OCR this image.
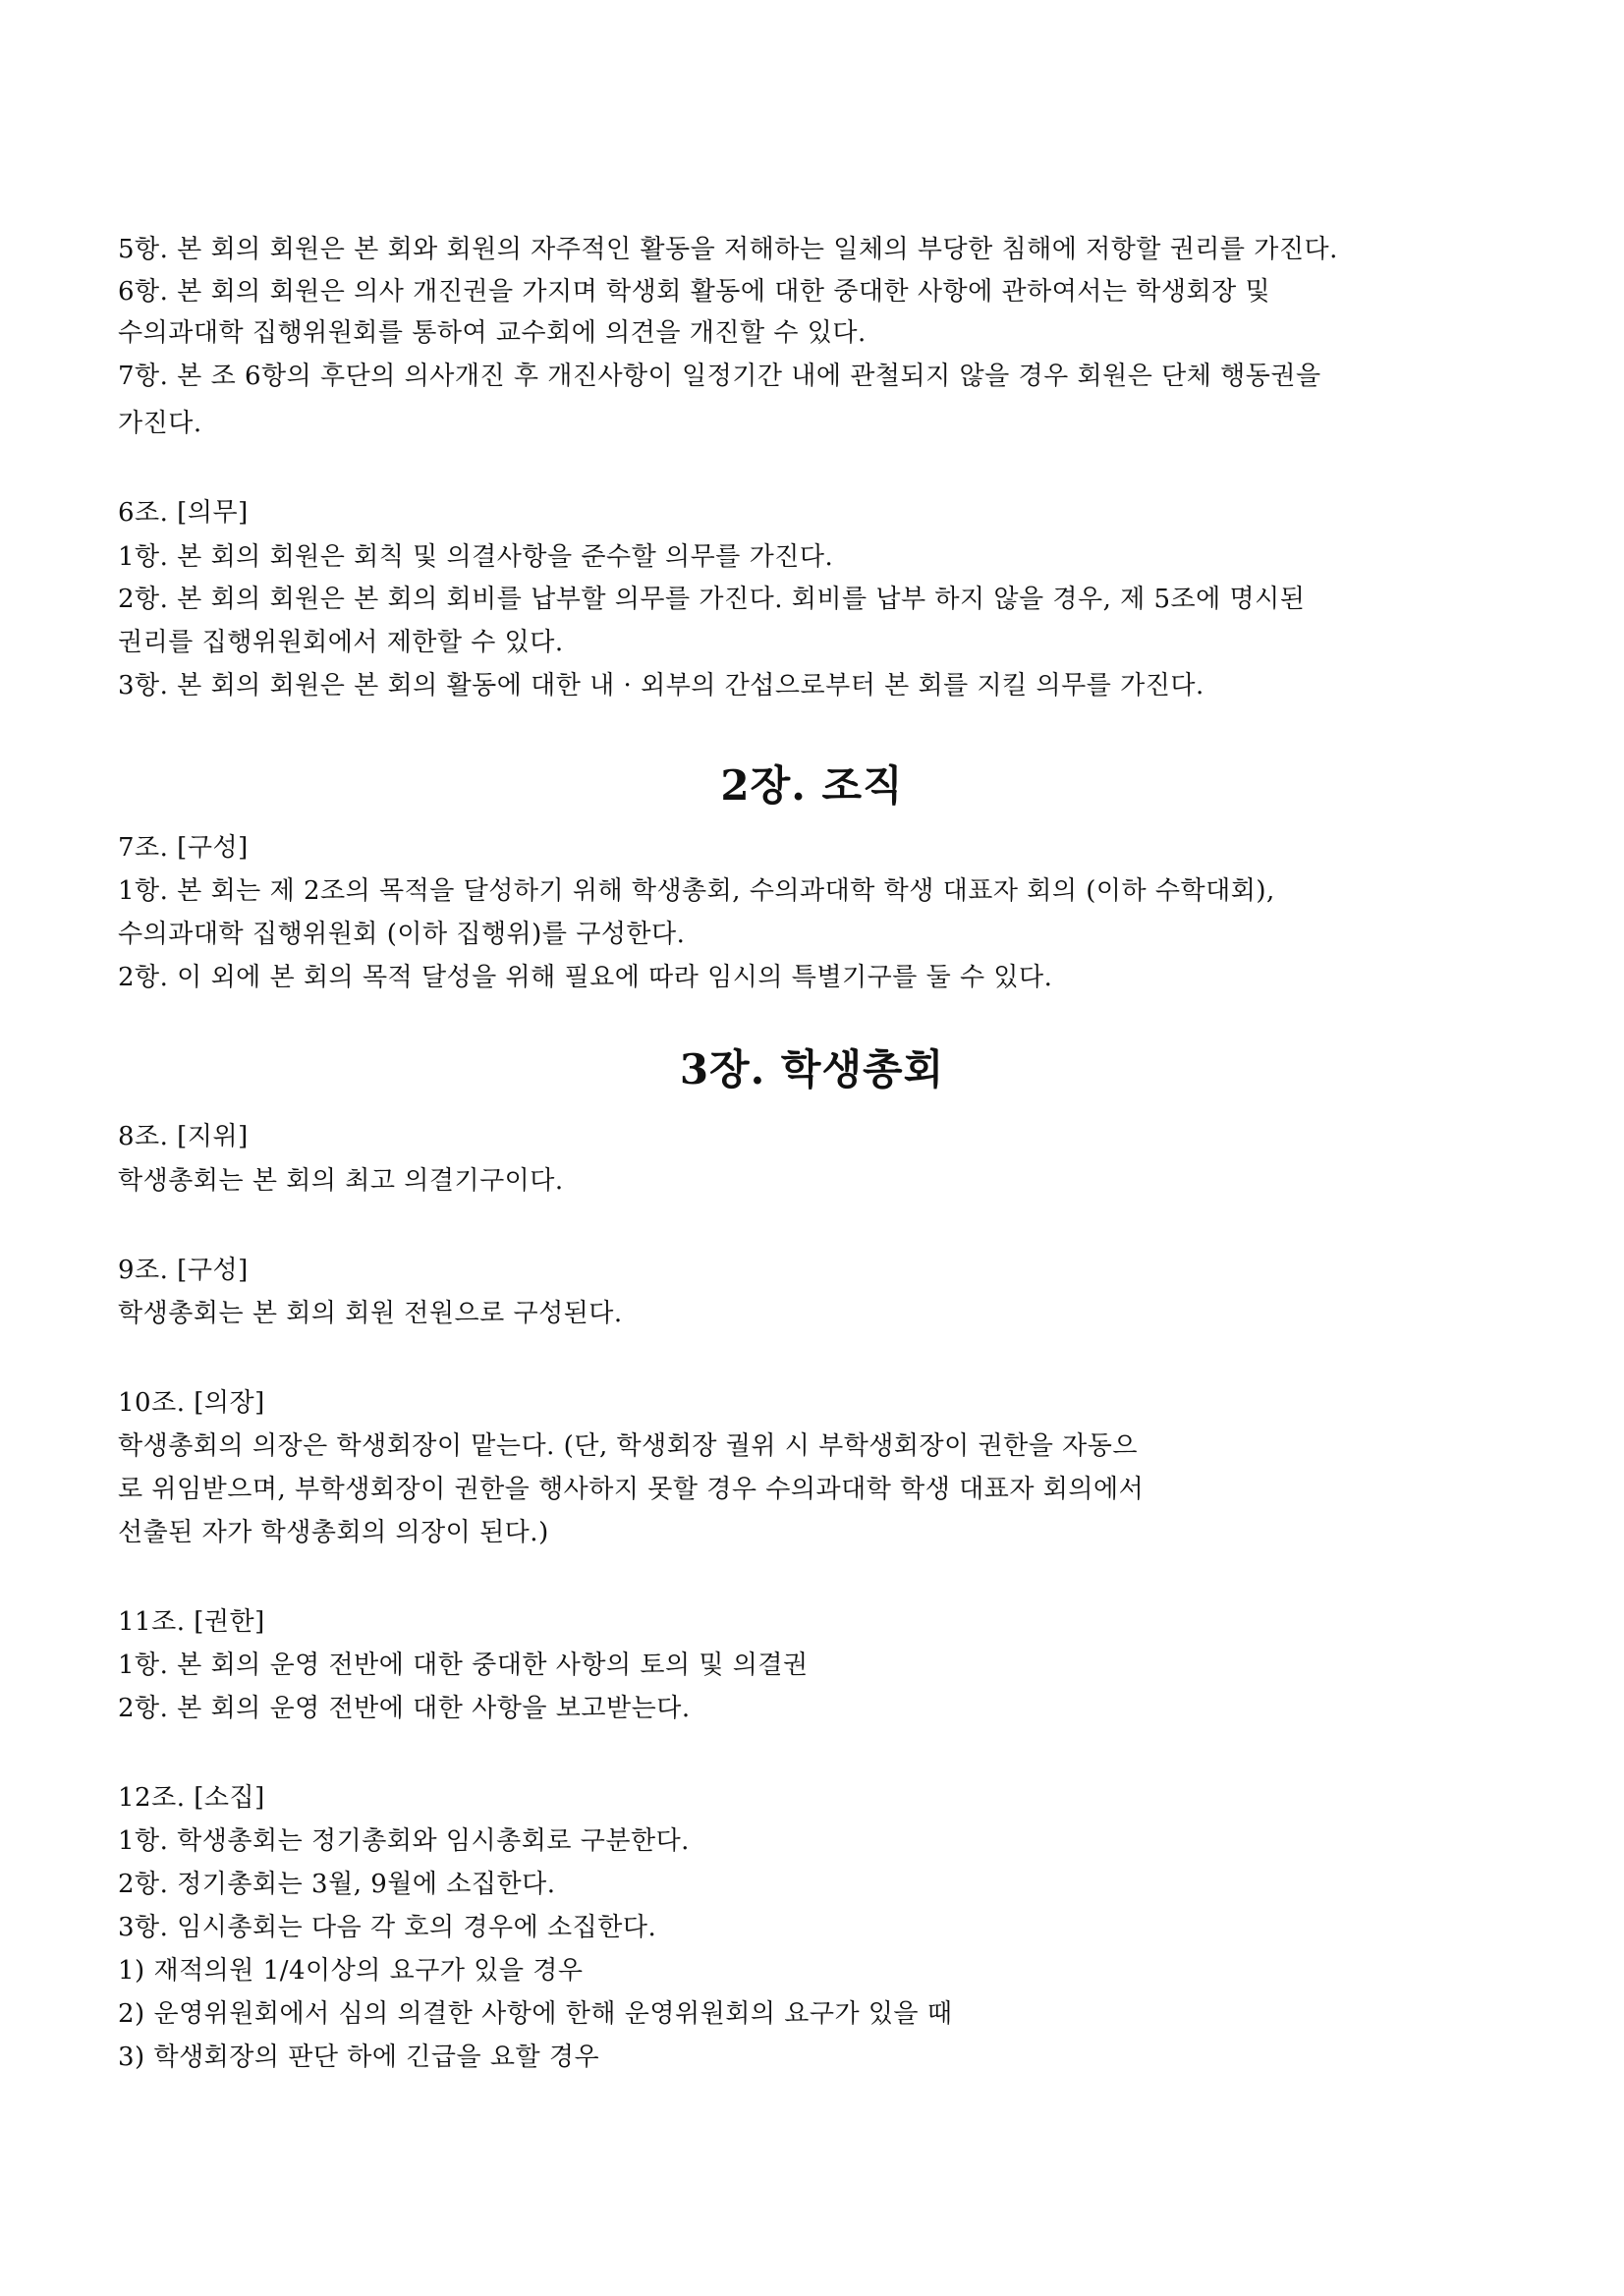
5항. 본 회의 회원은 본 회와 회원의 자주적인 활동을 저해하는 일체의 부당한 침해에 저항할 권리를 가진다.
6항. 본 회의 회원은 의사 개진권을 가지며 학생회 활동에 대한 중대한 사항에 관하여서는 학생회장 및
수의과대학 집행위원회를 통하여 교수회에 의견을 개진할 수 있다.
7항. 본 조 6항의 후단의 의사개진 후 개진사항이 일정기간 내에 관철되지 않을 경우 회원은 단체 행동권을
가진다.
6조. [의무]
1항. 본 회의 회원은 회칙 및 의결사항을 준수할 의무를 가진다.
2항. 본 회의 회원은 본 회의 회비를 납부할 의무를 가진다. 회비를 납부 하지 않을 경우, 제 5조에 명시된
권리를 집행위원회에서 제한할 수 있다.
3항. 본 회의 회원은 본 회의 활동에 대한 내 · 외부의 간섭으로부터 본 회를 지킬 의무를 가진다.
2장. 조직
7조. [구성]
1항. 본 회는 제 2조의 목적을 달성하기 위해 학생총회, 수의과대학 학생 대표자 회의 (이하 수학대회),
수의과대학 집행위원회 (이하 집행위)를 구성한다.
2항. 이 외에 본 회의 목적 달성을 위해 필요에 따라 임시의 특별기구를 둘 수 있다.
3장. 학생총회
8조. [지위]
학생총회는 본 회의 최고 의결기구이다.
9조. [구성]
학생총회는 본 회의 회원 전원으로 구성된다.
10조. [의장]
학생총회의 의장은 학생회장이 맡는다. (단, 학생회장 궐위 시 부학생회장이 권한을 자동으
로 위임받으며, 부학생회장이 권한을 행사하지 못할 경우 수의과대학 학생 대표자 회의에서
선출된 자가 학생총회의 의장이 된다.)
11조. [권한]
1항. 본 회의 운영 전반에 대한 중대한 사항의 토의 및 의결권
2항. 본 회의 운영 전반에 대한 사항을 보고받는다.
12조. [소집]
1항. 학생총회는 정기총회와 임시총회로 구분한다.
2항. 정기총회는 3월, 9월에 소집한다.
3항. 임시총회는 다음 각 호의 경우에 소집한다.
1) 재적의원 1/4이상의 요구가 있을 경우
2) 운영위원회에서 심의 의결한 사항에 한해 운영위원회의 요구가 있을 때
3) 학생회장의 판단 하에 긴급을 요할 경우
